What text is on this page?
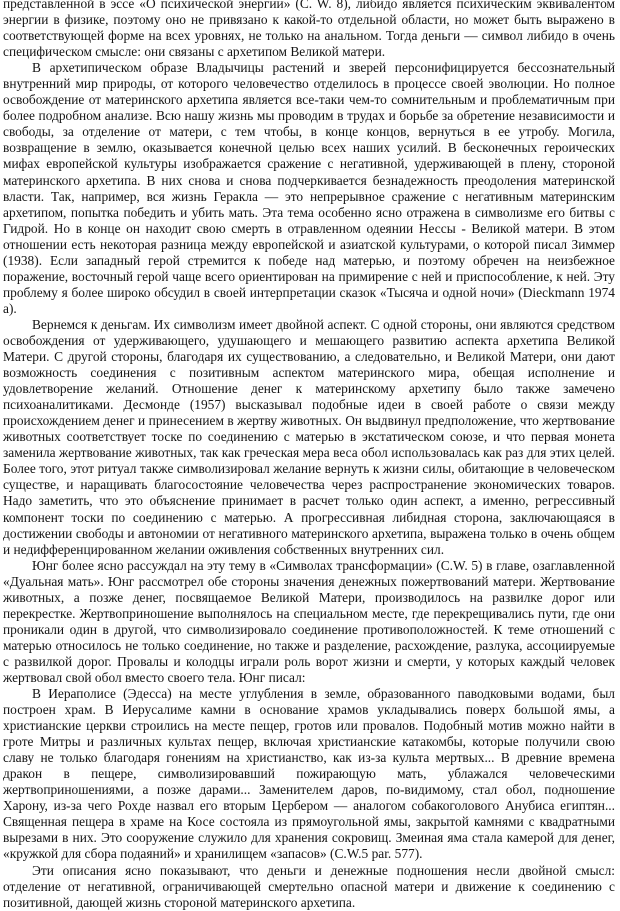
представленной в эссе «О психической энергии» (C. W. 8), либидо является психическим эквивалентом энергии в физике, поэтому оно не привязано к какой-то отдельной области, но может быть выражено в соответствующей форме на всех уровнях, не только на анальном. Тогда деньги — символ либидо в очень специфическом смысле: они связаны с архетипом Великой матери.

В архетипическом образе Владычицы растений и зверей персонифицируется бессознательный внутренний мир природы, от которого человечество отделилось в процессе своей эволюции. Но полное освобождение от материнского архетипа является все-таки чем-то сомнительным и проблематичным при более подробном анализе. Всю нашу жизнь мы проводим в трудах и борьбе за обретение независимости и свободы, за отделение от матери, с тем чтобы, в конце концов, вернуться в ее утробу. Могила, возвращение в землю, оказывается конечной целью всех наших усилий. В бесконечных героических мифах европейской культуры изображается сражение с негативной, удерживающей в плену, стороной материнского архетипа. В них снова и снова подчеркивается безнадежность преодоления материнской власти. Так, например, вся жизнь Геракла — это непрерывное сражение с негативным материнским архетипом, попытка победить и убить мать. Эта тема особенно ясно отражена в символизме его битвы с Гидрой. Но в конце он находит свою смерть в отравленном одеянии Нессы - Великой матери. В этом отношении есть некоторая разница между европейской и азиатской культурами, о которой писал Зиммер (1938). Если западный герой стремится к победе над матерью, и поэтому обречен на неизбежное поражение, восточный герой чаще всего ориентирован на примирение с ней и приспособление, к ней. Эту проблему я более широко обсудил в своей интерпретации сказок «Тысяча и одной ночи» (Dieckmann 1974 a).

Вернемся к деньгам. Их символизм имеет двойной аспект. С одной стороны, они являются средством освобождения от удерживающего, удушающего и мешающего развитию аспекта архетипа Великой Матери. С другой стороны, благодаря их существованию, а следовательно, и Великой Матери, они дают возможность соединения с позитивным аспектом материнского мира, обещая исполнение и удовлетворение желаний. Отношение денег к материнскому архетипу было также замечено психоаналитиками. Десмонде (1957) высказывал подобные идеи в своей работе о связи между происхождением денег и принесением в жертву животных. Он выдвинул предположение, что жертвование животных соответствует тоске по соединению с матерью в экстатическом союзе, и что первая монета заменила жертвование животных, так как греческая мера веса обол использовалась как раз для этих целей. Более того, этот ритуал также символизировал желание вернуть к жизни силы, обитающие в человеческом существе, и наращивать благосостояние человечества через распространение экономических товаров. Надо заметить, что это объяснение принимает в расчет только один аспект, а именно, регрессивный компонент тоски по соединению с матерью. А прогрессивная либидная сторона, заключающаяся в достижении свободы и автономии от негативного материнского архетипа, выражена только в очень общем и недифференцированном желании оживления собственных внутренних сил.

Юнг более ясно рассуждал на эту тему в «Символах трансформации» (C.W. 5) в главе, озаглавленной «Дуальная мать». Юнг рассмотрел обе стороны значения денежных пожертвований матери. Жертвование животных, а позже денег, посвящаемое Великой Матери, производилось на развилке дорог или перекрестке. Жертвоприношение выполнялось на специальном месте, где перекрещивались пути, где они проникали один в другой, что символизировало соединение противоположностей. К теме отношений с матерью относилось не только соединение, но также и разделение, расхождение, разлука, ассоциируемые с развилкой дорог. Провалы и колодцы играли роль ворот жизни и смерти, у которых каждый человек жертвовал свой обол вместо своего тела. Юнг писал:

В Иераполисе (Эдесса) на месте углубления в земле, образованного паводковыми водами, был построен храм. В Иерусалиме камни в основание храмов укладывались поверх большой ямы, а христианские церкви строились на месте пещер, гротов или провалов. Подобный мотив можно найти в гроте Митры и различных культах пещер, включая христианские катакомбы, которые получили свою славу не только благодаря гонениям на христианство, как из-за культа мертвых... В древние времена дракон в пещере, символизировавший пожирающую мать, ублажался человеческими жертвоприношениями, а позже дарами... Заменителем даров, по-видимому, стал обол, подношение Харону, из-за чего Рохде назвал его вторым Цербером — аналогом собакоголового Анубиса египтян... Священная пещера в храме на Косе состояла из прямоугольной ямы, закрытой камнями с квадратными вырезами в них. Это сооружение служило для хранения сокровищ. Змеиная яма стала камерой для денег, «кружкой для сбора подаяний» и хранилищем «запасов» (C.W.5 par. 577).

Эти описания ясно показывают, что деньги и денежные подношения несли двойной смысл: отделение от негативной, ограничивающей смертельно опасной матери и движение к соединению с позитивной, дающей жизнь стороной материнского архетипа.
